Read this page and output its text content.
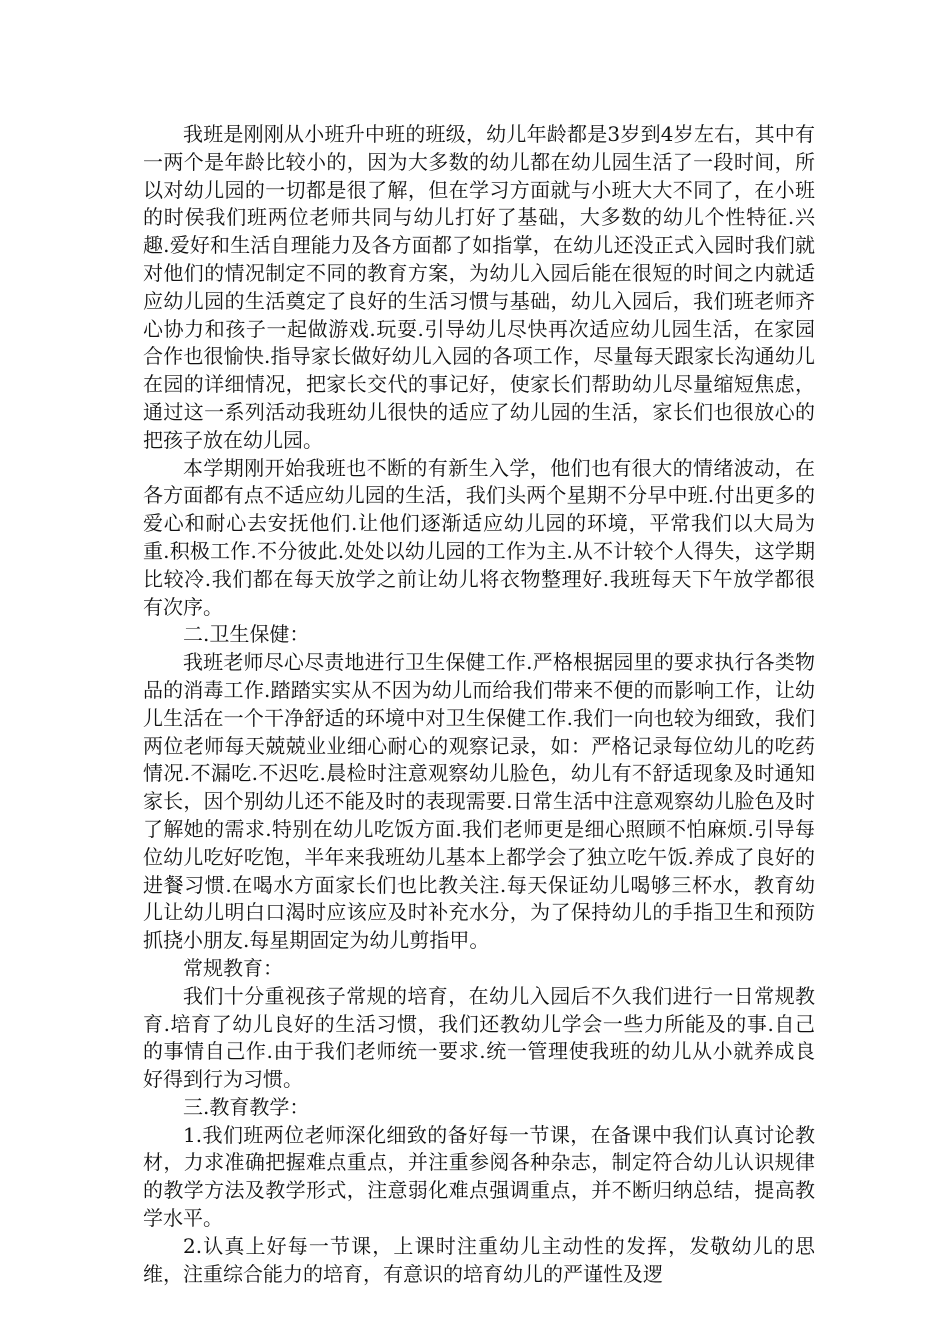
我班是刚刚从小班升中班的班级，幼儿年龄都是3岁到4岁左右，其中有一两个是年龄比较小的，因为大多数的幼儿都在幼儿园生活了一段时间，所以对幼儿园的一切都是很了解，但在学习方面就与小班大大不同了，在小班的时侯我们班两位老师共同与幼儿打好了基础，大多数的幼儿个性特征.兴趣.爱好和生活自理能力及各方面都了如指掌，在幼儿还没正式入园时我们就对他们的情况制定不同的教育方案，为幼儿入园后能在很短的时间之内就适应幼儿园的生活奠定了良好的生活习惯与基础，幼儿入园后，我们班老师齐心协力和孩子一起做游戏.玩耍.引导幼儿尽快再次适应幼儿园生活，在家园合作也很愉快.指导家长做好幼儿入园的各项工作，尽量每天跟家长沟通幼儿在园的详细情况，把家长交代的事记好，使家长们帮助幼儿尽量缩短焦虑，通过这一系列活动我班幼儿很快的适应了幼儿园的生活，家长们也很放心的把孩子放在幼儿园。

本学期刚开始我班也不断的有新生入学，他们也有很大的情绪波动，在各方面都有点不适应幼儿园的生活，我们头两个星期不分早中班.付出更多的爱心和耐心去安抚他们.让他们逐渐适应幼儿园的环境，平常我们以大局为重.积极工作.不分彼此.处处以幼儿园的工作为主.从不计较个人得失，这学期比较冷.我们都在每天放学之前让幼儿将衣物整理好.我班每天下午放学都很有次序。

二.卫生保健：

我班老师尽心尽责地进行卫生保健工作.严格根据园里的要求执行各类物品的消毒工作.踏踏实实从不因为幼儿而给我们带来不便的而影响工作，让幼儿生活在一个干净舒适的环境中对卫生保健工作.我们一向也较为细致，我们两位老师每天兢兢业业细心耐心的观察记录，如：严格记录每位幼儿的吃药情况.不漏吃.不迟吃.晨检时注意观察幼儿脸色，幼儿有不舒适现象及时通知家长，因个别幼儿还不能及时的表现需要.日常生活中注意观察幼儿脸色及时了解她的需求.特别在幼儿吃饭方面.我们老师更是细心照顾不怕麻烦.引导每位幼儿吃好吃饱，半年来我班幼儿基本上都学会了独立吃午饭.养成了良好的进餐习惯.在喝水方面家长们也比教关注.每天保证幼儿喝够三杯水，教育幼儿让幼儿明白口渴时应该应及时补充水分，为了保持幼儿的手指卫生和预防抓挠小朋友.每星期固定为幼儿剪指甲。

常规教育：

我们十分重视孩子常规的培育，在幼儿入园后不久我们进行一日常规教育.培育了幼儿良好的生活习惯，我们还教幼儿学会一些力所能及的事.自己的事情自己作.由于我们老师统一要求.统一管理使我班的幼儿从小就养成良好得到行为习惯。

三.教育教学：

1.我们班两位老师深化细致的备好每一节课，在备课中我们认真讨论教材，力求准确把握难点重点，并注重参阅各种杂志，制定符合幼儿认识规律的教学方法及教学形式，注意弱化难点强调重点，并不断归纳总结，提高教学水平。

2.认真上好每一节课，上课时注重幼儿主动性的发挥，发敬幼儿的思维，注重综合能力的培育，有意识的培育幼儿的严谨性及逻
